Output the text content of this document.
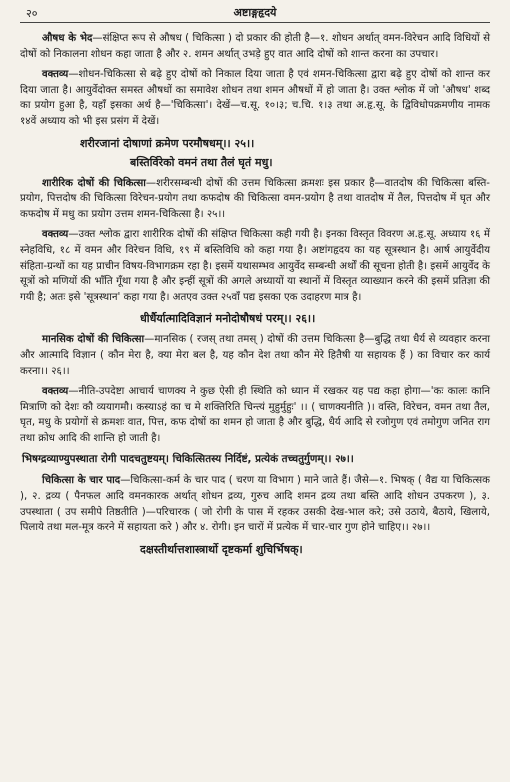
२०	अष्टाङ्गहृदये

औषध के भेद—संक्षिप्त रूप से औषध ( चिकित्सा ) दो प्रकार की होती है—१. शोधन अर्थात् वमन-विरेचन आदि विधियों से दोषों को निकालना शोधन कहा जाता है और २. शमन अर्थात् उभड़े हुए वात आदि दोषों को शान्त करना का उपचार।

वक्तव्य—शोधन-चिकित्सा से बढ़े हुए दोषों को निकाल दिया जाता है एवं शमन-चिकित्सा द्वारा बढ़े हुए दोषों को शान्त कर दिया जाता है। आयुर्वेदोक्त समस्त औषधों का समावेश शोधन तथा शमन औषधों में हो जाता है। उक्त श्लोक में जो 'औषध' शब्द का प्रयोग हुआ है, यहाँ इसका अर्थ है—'चिकित्सा'। देखें—च.सू. १०।३; च.चि. १।३ तथा अ.हृ.सू. के द्विविधोपक्रमणीय नामक १४वें अध्याय को भी इस प्रसंग में देखें।

शरीरजानां दोषाणां क्रमेण परमौषधम्।। २५।।
बस्तिर्विरेको वमनं तथा तैलं घृतं मधु।

शारीरिक दोषों की चिकित्सा—शरीरसम्बन्धी दोषों की उत्तम चिकित्सा क्रमशः इस प्रकार है—वातदोष की चिकित्सा बस्ति-प्रयोग, पित्तदोष की चिकित्सा विरेचन-प्रयोग तथा कफदोष की चिकित्सा वमन-प्रयोग है तथा वातदोष में तैल, पित्तदोष में घृत और कफदोष में मधु का प्रयोग उत्तम शमन-चिकित्सा है। २५।।

वक्तव्य—उक्त श्लोक द्वारा शारीरिक दोषों की संक्षिप्त चिकित्सा कही गयी है। इनका विस्तृत विवरण अ.हृ.सू. अध्याय १६ में स्नेहविधि, १८ में वमन और विरेचन विधि, १९ में बस्तिविधि को कहा गया है। अष्टांगहृदय का यह सूत्रस्थान है। आर्ष आयुर्वेदीय संहिता-ग्रन्थों का यह प्राचीन विषय-विभागक्रम रहा है। इसमें यथासम्भव आयुर्वेद सम्बन्धी अर्थों की सूचना होती है। इसमें आयुर्वेद के सूत्रों को मणियों की भाँति गूँथा गया है और इन्हीं सूत्रों की अगले अध्यायों या स्थानों में विस्तृत व्याख्यान करने की इसमें प्रतिज्ञा की गयी है; अतः इसे 'सूत्रस्थान' कहा गया है। अतएव उक्त २५वाँ पद्य इसका एक उदाहरण मात्र है।

धीर्धैर्यात्मादिविज्ञानं मनोदोषौषधं परम्।। २६।।

मानसिक दोषों की चिकित्सा—मानसिक ( रजस् तथा तमस् ) दोषों की उत्तम चिकित्सा है—बुद्धि तथा धैर्य से व्यवहार करना और आत्मादि विज्ञान ( कौन मेरा है, क्या मेरा बल है, यह कौन देश तथा कौन मेरे हितैषी या सहायक हैं ) का विचार कर कार्य करना।। २६।।

वक्तव्य—नीति-उपदेष्टा आचार्य चाणक्य ने कुछ ऐसी ही स्थिति को ध्यान में रखकर यह पद्य कहा होगा—'कः कालः कानि मित्राणि को देशः कौ व्ययागमौ। कस्याऽहं का च मे शक्तिरिति चिन्त्यं मुहुर्मुहुः' ।। ( चाणक्यनीति )। वस्ति, विरेचन, वमन तथा तैल, घृत, मधु के प्रयोगों से क्रमशः वात, पित्त, कफ दोषों का शमन हो जाता है और बुद्धि, धैर्य आदि से रजोगुण एवं तमोगुण जनित राग तथा क्रोध आदि की शान्ति हो जाती है।

भिषग्द्रव्याण्युपस्थाता रोगी पादचतुष्टयम्। चिकित्सितस्य निर्दिष्टं, प्रत्येकं तच्चतुर्गुणम्।। २७।।

चिकित्सा के चार पाद—चिकित्सा-कर्म के चार पाद ( चरण या विभाग ) माने जाते हैं। जैसे—१. भिषक् ( वैद्य या चिकित्सक ), २. द्रव्य ( पैनफल आदि वमनकारक अर्थात् शोधन द्रव्य, गुरुच आदि शमन द्रव्य तथा बस्ति आदि शोधन उपकरण ), ३. उपस्थाता ( उप समीपे तिष्ठतीति )—परिचारक ( जो रोगी के पास में रहकर उसकी देख-भाल करे; उसे उठाये, बैठाये, खिलाये, पिलाये तथा मल-मूत्र करने में सहायता करे ) और ४. रोगी। इन चारों में प्रत्येक में चार-चार गुण होने चाहिए।। २७।।

दक्षस्तीर्थात्तशास्त्रार्थो दृष्टकर्मा शुचिर्भिषक्।
